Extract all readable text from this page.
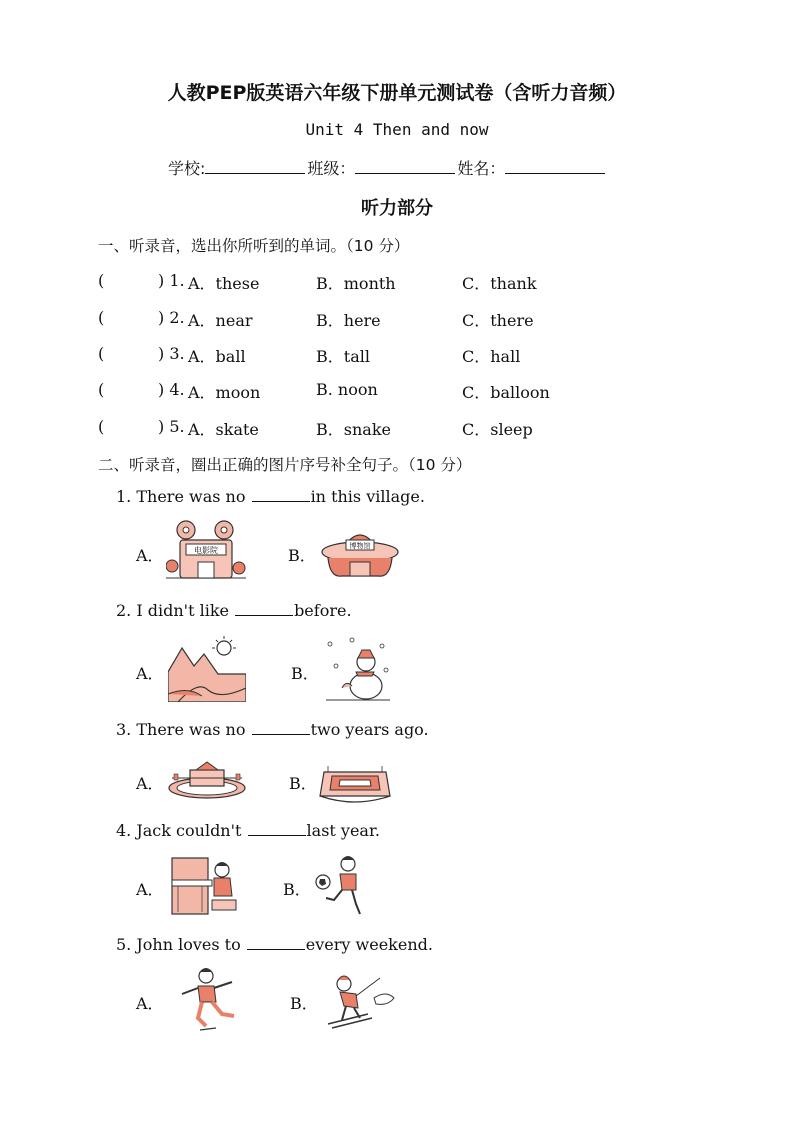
人教PEP版英语六年级下册单元测试卷（含听力音频）
Unit 4 Then and now
学校:	班级：	姓名：
听力部分
一、听录音，选出你所听到的单词。（10 分）
(	) 1. A．these	B．month	C．thank
(	) 2. A．near	B．here	C．there
(	) 3. A．ball	B．tall	C．hall
(	) 4. A．moon	B. noon	C．balloon
(	) 5. A．skate	B．snake	C．sleep
二、听录音，圈出正确的图片序号补全句子。（10 分）
1. There was no	in this village.
A．	电影院	B．	博物馆
2. I didn't like	before.
A．	B．
3. There was no	two years ago.
A．	B．
4. Jack couldn't	last year.
A．	B．
5. John loves to	every weekend.
A．	B．
